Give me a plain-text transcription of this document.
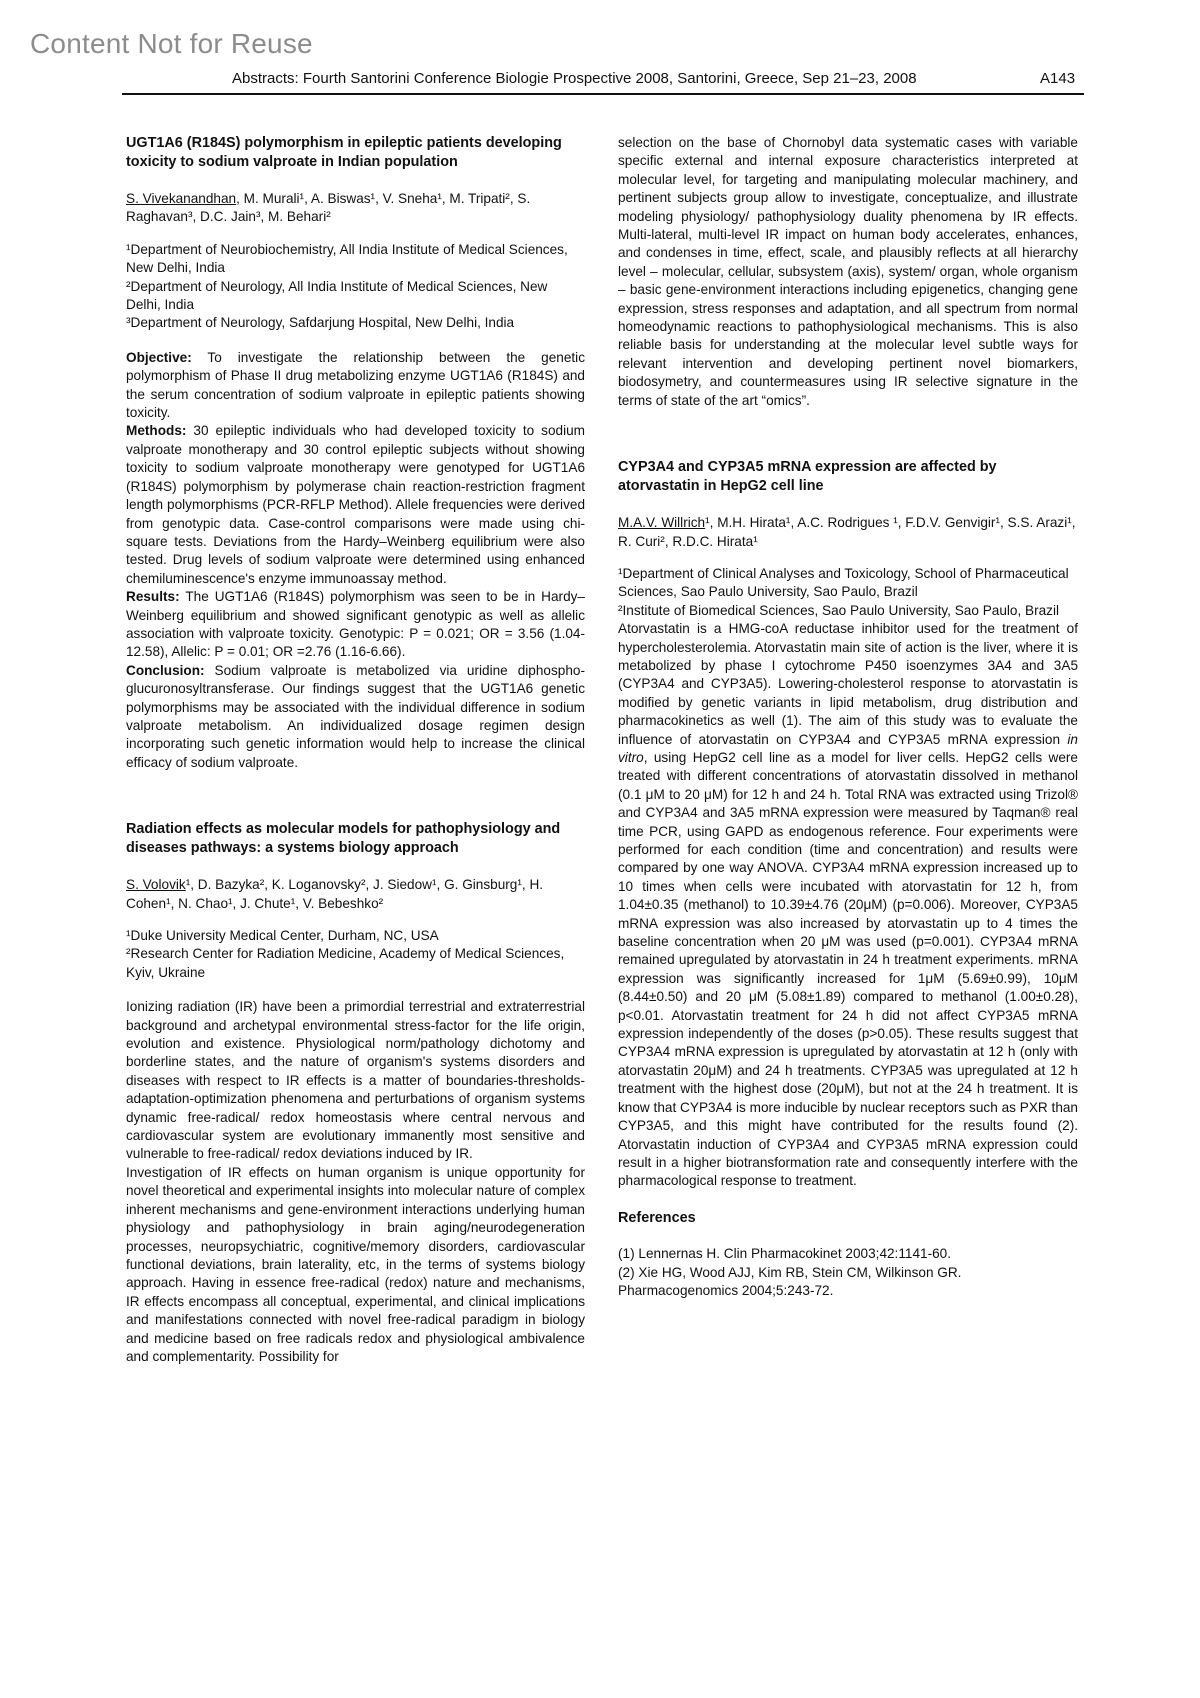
Content Not for Reuse
Abstracts: Fourth Santorini Conference Biologie Prospective 2008, Santorini, Greece, Sep 21–23, 2008	A143
UGT1A6 (R184S) polymorphism in epileptic patients developing toxicity to sodium valproate in Indian population
S. Vivekanandhan, M. Murali¹, A. Biswas¹, V. Sneha¹, M. Tripati², S. Raghavan³, D.C. Jain³, M. Behari²
¹Department of Neurobiochemistry, All India Institute of Medical Sciences, New Delhi, India
²Department of Neurology, All India Institute of Medical Sciences, New Delhi, India
³Department of Neurology, Safdarjung Hospital, New Delhi, India
Objective: To investigate the relationship between the genetic polymorphism of Phase II drug metabolizing enzyme UGT1A6 (R184S) and the serum concentration of sodium valproate in epileptic patients showing toxicity.
Methods: 30 epileptic individuals who had developed toxicity to sodium valproate monotherapy and 30 control epileptic subjects without showing toxicity to sodium valproate monotherapy were genotyped for UGT1A6 (R184S) polymorphism by polymerase chain reaction-restriction fragment length polymorphisms (PCR-RFLP Method). Allele frequencies were derived from genotypic data. Case-control comparisons were made using chi-square tests. Deviations from the Hardy–Weinberg equilibrium were also tested. Drug levels of sodium valproate were determined using enhanced chemiluminescence's enzyme immunoassay method.
Results: The UGT1A6 (R184S) polymorphism was seen to be in Hardy–Weinberg equilibrium and showed significant genotypic as well as allelic association with valproate toxicity. Genotypic: P = 0.021; OR = 3.56 (1.04-12.58), Allelic: P = 0.01; OR =2.76 (1.16-6.66).
Conclusion: Sodium valproate is metabolized via uridine diphospho-glucuronosyltransferase. Our findings suggest that the UGT1A6 genetic polymorphisms may be associated with the individual difference in sodium valproate metabolism. An individualized dosage regimen design incorporating such genetic information would help to increase the clinical efficacy of sodium valproate.
Radiation effects as molecular models for pathophysiology and diseases pathways: a systems biology approach
S. Volovik¹, D. Bazyka², K. Loganovsky², J. Siedow¹, G. Ginsburg¹, H. Cohen¹, N. Chao¹, J. Chute¹, V. Bebeshko²
¹Duke University Medical Center, Durham, NC, USA
²Research Center for Radiation Medicine, Academy of Medical Sciences, Kyiv, Ukraine
Ionizing radiation (IR) have been a primordial terrestrial and extraterrestrial background and archetypal environmental stress-factor for the life origin, evolution and existence. Physiological norm/pathology dichotomy and borderline states, and the nature of organism's systems disorders and diseases with respect to IR effects is a matter of boundaries-thresholds-adaptation-optimization phenomena and perturbations of organism systems dynamic free-radical/ redox homeostasis where central nervous and cardiovascular system are evolutionary immanently most sensitive and vulnerable to free-radical/ redox deviations induced by IR.
Investigation of IR effects on human organism is unique opportunity for novel theoretical and experimental insights into molecular nature of complex inherent mechanisms and gene-environment interactions underlying human physiology and pathophysiology in brain aging/neurodegeneration processes, neuropsychiatric, cognitive/memory disorders, cardiovascular functional deviations, brain laterality, etc, in the terms of systems biology approach. Having in essence free-radical (redox) nature and mechanisms, IR effects encompass all conceptual, experimental, and clinical implications and manifestations connected with novel free-radical paradigm in biology and medicine based on free radicals redox and physiological ambivalence and complementarity. Possibility for
selection on the base of Chornobyl data systematic cases with variable specific external and internal exposure characteristics interpreted at molecular level, for targeting and manipulating molecular machinery, and pertinent subjects group allow to investigate, conceptualize, and illustrate modeling physiology/ pathophysiology duality phenomena by IR effects. Multi-lateral, multi-level IR impact on human body accelerates, enhances, and condenses in time, effect, scale, and plausibly reflects at all hierarchy level – molecular, cellular, subsystem (axis), system/ organ, whole organism – basic gene-environment interactions including epigenetics, changing gene expression, stress responses and adaptation, and all spectrum from normal homeodynamic reactions to pathophysiological mechanisms. This is also reliable basis for understanding at the molecular level subtle ways for relevant intervention and developing pertinent novel biomarkers, biodosymetry, and countermeasures using IR selective signature in the terms of state of the art “omics”.
CYP3A4 and CYP3A5 mRNA expression are affected by atorvastatin in HepG2 cell line
M.A.V. Willrich¹, M.H. Hirata¹, A.C. Rodrigues ¹, F.D.V. Genvigir¹, S.S. Arazi¹, R. Curi², R.D.C. Hirata¹
¹Department of Clinical Analyses and Toxicology, School of Pharmaceutical Sciences, Sao Paulo University, Sao Paulo, Brazil
²Institute of Biomedical Sciences, Sao Paulo University, Sao Paulo, Brazil
Atorvastatin is a HMG-coA reductase inhibitor used for the treatment of hypercholesterolemia. Atorvastatin main site of action is the liver, where it is metabolized by phase I cytochrome P450 isoenzymes 3A4 and 3A5 (CYP3A4 and CYP3A5). Lowering-cholesterol response to atorvastatin is modified by genetic variants in lipid metabolism, drug distribution and pharmacokinetics as well (1). The aim of this study was to evaluate the influence of atorvastatin on CYP3A4 and CYP3A5 mRNA expression in vitro, using HepG2 cell line as a model for liver cells. HepG2 cells were treated with different concentrations of atorvastatin dissolved in methanol (0.1 μM to 20 μM) for 12 h and 24 h. Total RNA was extracted using Trizol® and CYP3A4 and 3A5 mRNA expression were measured by Taqman® real time PCR, using GAPD as endogenous reference. Four experiments were performed for each condition (time and concentration) and results were compared by one way ANOVA. CYP3A4 mRNA expression increased up to 10 times when cells were incubated with atorvastatin for 12 h, from 1.04±0.35 (methanol) to 10.39±4.76 (20μM) (p=0.006). Moreover, CYP3A5 mRNA expression was also increased by atorvastatin up to 4 times the baseline concentration when 20 μM was used (p=0.001). CYP3A4 mRNA remained upregulated by atorvastatin in 24 h treatment experiments. mRNA expression was significantly increased for 1μM (5.69±0.99), 10μM (8.44±0.50) and 20 μM (5.08±1.89) compared to methanol (1.00±0.28), p<0.01. Atorvastatin treatment for 24 h did not affect CYP3A5 mRNA expression independently of the doses (p>0.05). These results suggest that CYP3A4 mRNA expression is upregulated by atorvastatin at 12 h (only with atorvastatin 20μM) and 24 h treatments. CYP3A5 was upregulated at 12 h treatment with the highest dose (20μM), but not at the 24 h treatment. It is know that CYP3A4 is more inducible by nuclear receptors such as PXR than CYP3A5, and this might have contributed for the results found (2). Atorvastatin induction of CYP3A4 and CYP3A5 mRNA expression could result in a higher biotransformation rate and consequently interfere with the pharmacological response to treatment.
References
(1) Lennernas H. Clin Pharmacokinet 2003;42:1141-60.
(2) Xie HG, Wood AJJ, Kim RB, Stein CM, Wilkinson GR. Pharmacogenomics 2004;5:243-72.
